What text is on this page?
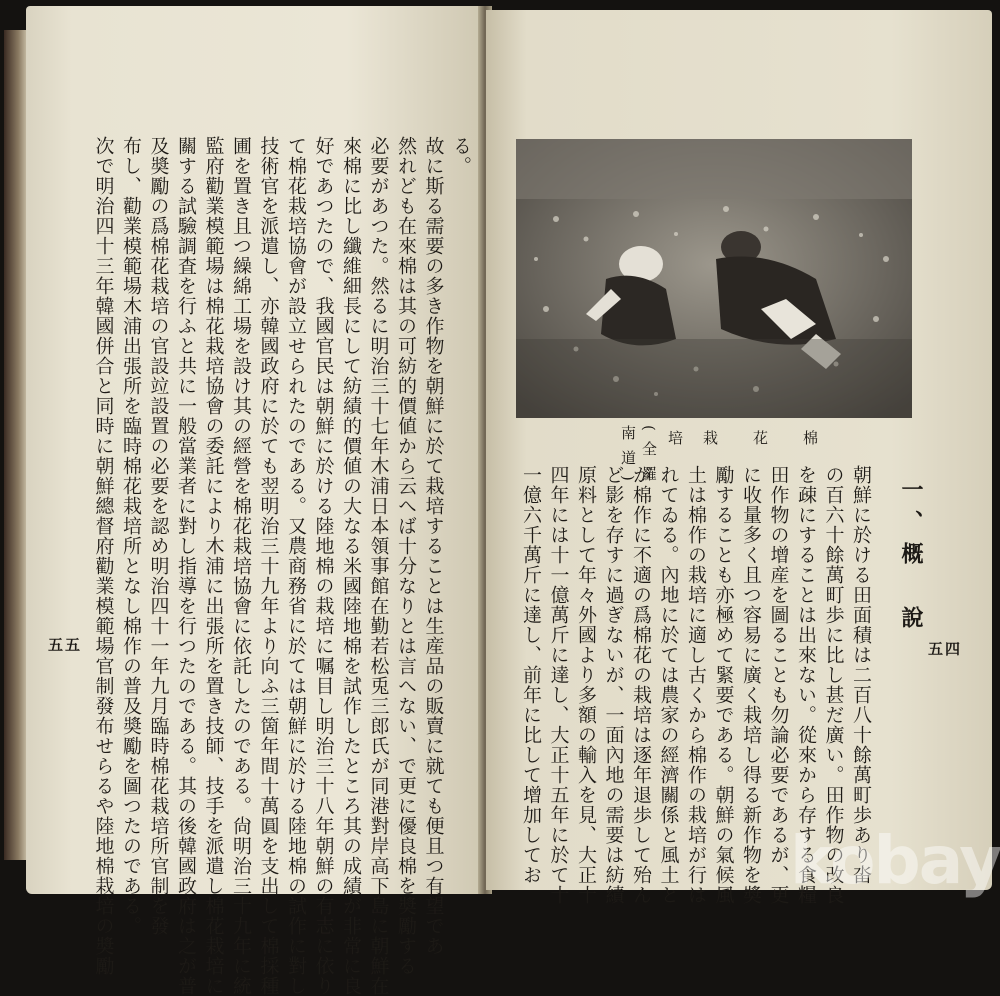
る。
故に斯る需要の多き作物を朝鮮に於て栽培することは生産品の販賣に就ても便且つ有望であ
然れども在來棉は其の可紡的價値から云へば十分なりとは言へない、で更に優良棉を奬勵する
必要があつた。然るに明治三十七年木浦日本領事館在勤若松兎三郎氏が同港對岸高下島に朝鮮在
來棉に比し纖維細長にして紡績的價値の大なる米國陸地棉を試作したところ其の成績が非常に良
好であつたので、我國官民は朝鮮に於ける陸地棉の栽培に嘱目し明治三十八年朝鮮の有志に依り
て棉花栽培協會が設立せられたのである。又農商務省に於ては朝鮮に於ける陸地棉の試作に對し
技術官を派遣し、亦韓國政府に於ても翌明治三十九年より向ふ三箇年間十萬圓を支出して棉採種
圃を置き且つ繰綿工場を設け其の經營を棉花栽培協會に依託したのである。尙明治三十九年に統
監府勸業模範場は棉花栽培協會の委託により木浦に出張所を置き技師、技手を派遣し棉花栽培に
關する試驗調査を行ふと共に一般當業者に對し指導を行つたのである。其の後韓國政府は之が普
及奬勵の爲棉花栽培の官設竝設置の必要を認め明治四十一年九月臨時棉花栽培所官制を發
布し、勸業模範場木浦出張所を臨時棉花栽培所となし棉作の普及奬勵を圖つたのである。
次で明治四十三年韓國併合と同時に朝鮮總督府勸業模範場官制發布せらるや陸地棉栽培の奬勵
五五	朝鮮に於ける田面積は二百八十餘萬町歩あり畓
の百六十餘萬町歩に比し甚だ廣い。田作物の改良
を疎にすることは出來ない。從來から存する食糧
田作物の增産を圖ることも勿論必要であるが、更
に收量多く且つ容易に廣く栽培し得る新作物を奬
勵することも亦極めて緊要である。朝鮮の氣候風
土は棉作の栽培に適し古くから棉作の栽培が行は
れてゐる。內地に於ては農家の經濟關係と風土と
が棉作に不適の爲棉花の栽培は逐年退歩して殆ん
ど影を存すに過ぎないが、一面內地の需要は紡績
原料として年々外國より多額の輸入を見、大正十
四年には十一億萬斤に達し、大正十五年に於て十
一億六千萬斤に達し、前年に比して增加してお	五四
(全羅南道)
kobay
棉
花
栽
培
一、概　說
